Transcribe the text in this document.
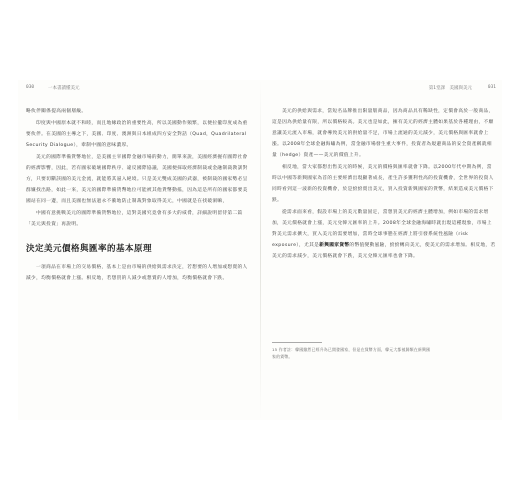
030	一本書讀懂美元

略伙伴關係提高兩個層級。

印度與中國原本就不和睦，而且地緣政治的重要性高，所以美國動作頻繁，以便拉攏印度成為重要伙伴。在美國的主導之下，美國、印度、澳洲與日本組成四方安全對話（Quad，Quadrilateral Security Dialogue），牽制中國的意味濃厚。

美元的國際準備貨幣地位，是美國主宰國際金融市場的動力，簡單來說，美國經濟握有國際社會的經濟影響，因此，若有國家破壞國際秩序、違反國際協議，美國便採取經濟制裁或金融制裁教訓對方，只要切斷該國的美元金流，就能將其逼入絕境。只是美元雙成美國的武器，被制裁的國家勢必呈群嫌找出路，如此一來，美元的國際準備貨幣地位可能被其他貨幣動搖，因為這是所有的國家都要美國站在同一邊，而且美國也無法過永不衝地防止制裁對象取得美元，中國就是在找破洞嘛，

中國有意挑戰美元的國際準備貨幣地位，這對美國究竟會有多大的威脅，詳細說明留待第二篇「美元與投資」再說明。

決定美元價格與匯率的基本原理

一項商品在市場上的交易價格，基本上是由市場的供給與需求決定，若想要的人增加或想賣的人減少，均衡價格就會上漲。相反地，若想買的人減少或想賣的人增加，均衡價格就會下跌。

第1堂課　美國與美元	031

美元的供給與需求，當短名品牌推出限量版商品，因為商品具有稀缺性，定價會高於一般商品，這是因為供給量有限，所以價格較高。美元也是如此，擁有美元的經濟主體如果基於各種理由，不願意讓美元流入市場，就會導致美元的供給量不足，市場上流通的美元減少，美元價格與匯率就會上漲。以2008年全球金融海嘯為例，當金融市場發生重大事件，投資者為規避商品的安全資產稱就相量（hedge）資產——美元的價值上升。

相反地，當大家都想出售美元的時候，美元的價格與匯率就會下降。以2000年代中期為例，當時以中國等新興國家為首的主要經濟出現顯著成長，產生許多獲利性高的投資機會，全世界的投資人同時看到這一波新的投資機會，於是紛紛賣出美元，買入投資新興國家的貨幣，結果造成美元價格下跌。

從需求面來看，假設市場上的美元數量固定，當想買美元的經濟主體增加，例如市場的需求增加，美元價格就會上漲，美元兌韓元匯率的上升。2008年全球金融海嘯時就出現這種現象，市場上對美元需求擴大，買入美元的需要增加，當時全球事態在經濟上將引發系統性風險（risk exposure），尤其是新興國家貨幣的幣值變動風險，紛紛轉向美元，使美元的需求增加。相反地，若美元的需求減少，美元價格就會下跌，美元兌韓元匯率也會下降。

15 作者註：韓國雖然已經升為已開發國家，但是在貨幣方面，韓元大都被歸類在新興國家的貨幣。
